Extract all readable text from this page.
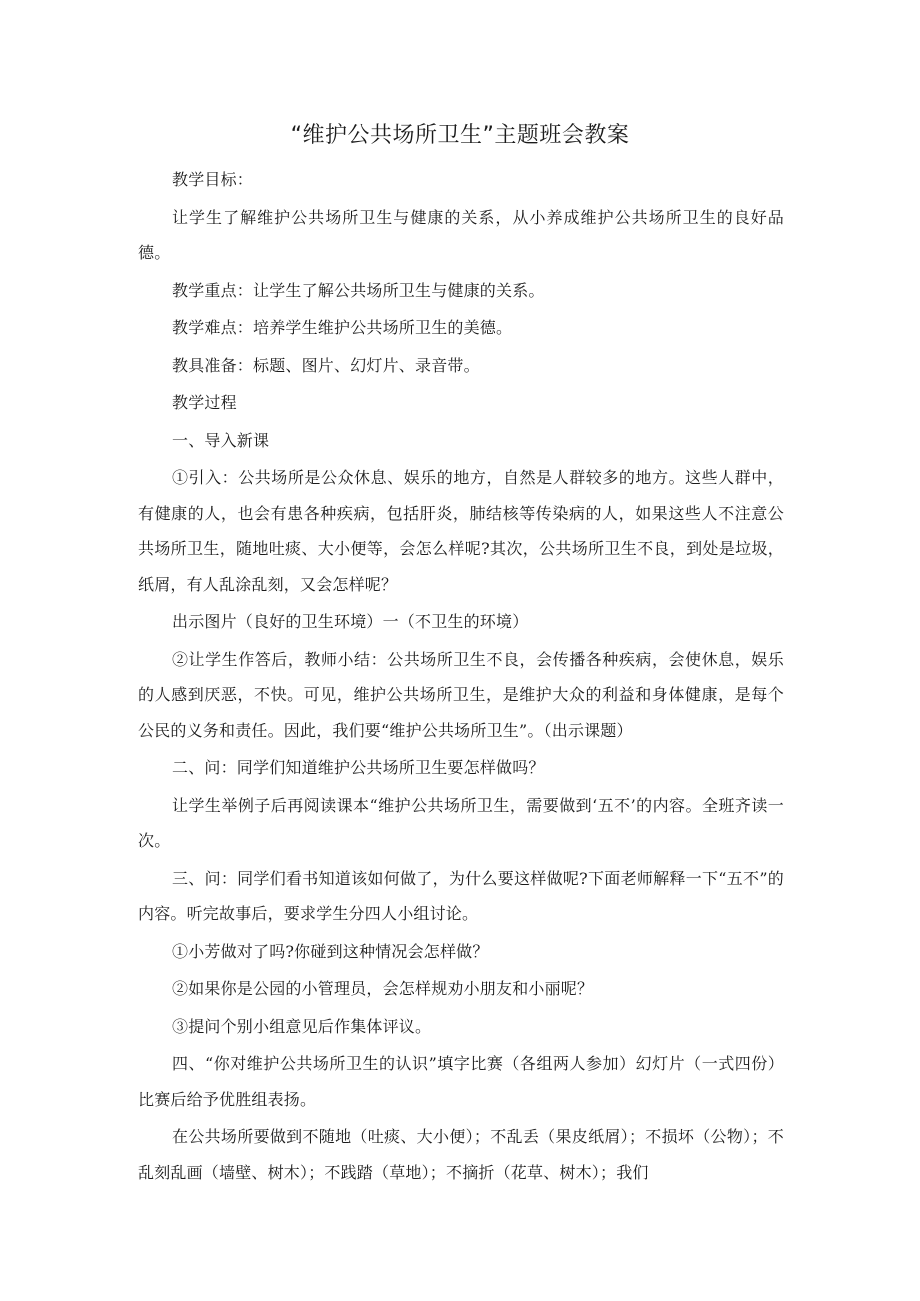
“维护公共场所卫生”主题班会教案

教学目标：

让学生了解维护公共场所卫生与健康的关系，从小养成维护公共场所卫生的良好品德。

教学重点：让学生了解公共场所卫生与健康的关系。

教学难点：培养学生维护公共场所卫生的美德。

教具准备：标题、图片、幻灯片、录音带。

教学过程

一、导入新课

①引入：公共场所是公众休息、娱乐的地方，自然是人群较多的地方。这些人群中，有健康的人，也会有患各种疾病，包括肝炎，肺结核等传染病的人，如果这些人不注意公共场所卫生，随地吐痰、大小便等，会怎么样呢?其次，公共场所卫生不良，到处是垃圾，纸屑，有人乱涂乱刻，又会怎样呢？

出示图片（良好的卫生环境）一（不卫生的环境）

②让学生作答后，教师小结：公共场所卫生不良，会传播各种疾病，会使休息，娱乐的人感到厌恶，不快。可见，维护公共场所卫生，是维护大众的利益和身体健康，是每个公民的义务和责任。因此，我们要“维护公共场所卫生”。（出示课题）

二、问：同学们知道维护公共场所卫生要怎样做吗？

让学生举例子后再阅读课本“维护公共场所卫生，需要做到‘五不’的内容。全班齐读一次。

三、问：同学们看书知道该如何做了，为什么要这样做呢?下面老师解释一下“五不”的内容。听完故事后，要求学生分四人小组讨论。

①小芳做对了吗?你碰到这种情况会怎样做？

②如果你是公园的小管理员，会怎样规劝小朋友和小丽呢？

③提问个别小组意见后作集体评议。

四、“你对维护公共场所卫生的认识”填字比赛（各组两人参加）幻灯片（一式四份）比赛后给予优胜组表扬。

在公共场所要做到不随地（吐痰、大小便）；不乱丢（果皮纸屑）；不损坏（公物）；不乱刻乱画（墙壁、树木）；不践踏（草地）；不摘折（花草、树木）；我们
